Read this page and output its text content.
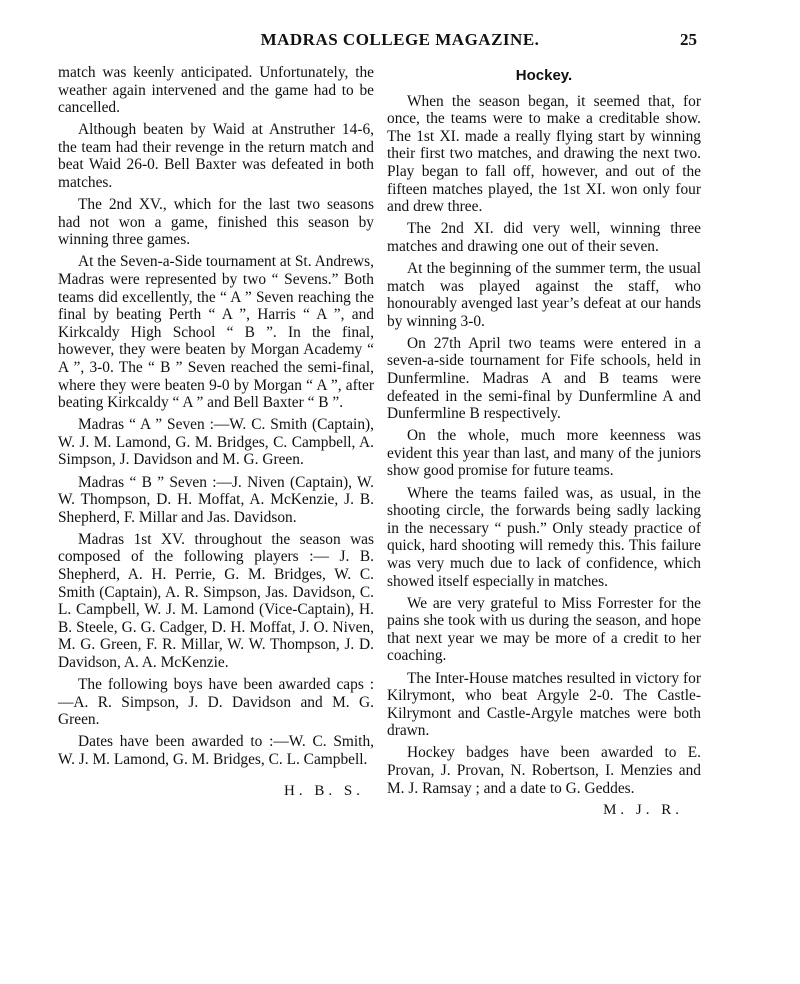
MADRAS COLLEGE MAGAZINE.	25

match was keenly anticipated. Unfortunately, the weather again intervened and the game had to be cancelled.

Although beaten by Waid at Anstruther 14-6, the team had their revenge in the return match and beat Waid 26-0. Bell Baxter was defeated in both matches.

The 2nd XV., which for the last two seasons had not won a game, finished this season by winning three games.

At the Seven-a-Side tournament at St. Andrews, Madras were represented by two “ Sevens.” Both teams did excellently, the “ A ” Seven reaching the final by beating Perth “ A ”, Harris “ A ”, and Kirkcaldy High School “ B ”. In the final, however, they were beaten by Morgan Academy “ A ”, 3-0. The “ B ” Seven reached the semi-final, where they were beaten 9-0 by Morgan “ A ”, after beating Kirkcaldy “ A ” and Bell Baxter “ B ”.

Madras “ A ” Seven :—W. C. Smith (Captain), W. J. M. Lamond, G. M. Bridges, C. Campbell, A. Simpson, J. Davidson and M. G. Green.

Madras “ B ” Seven :—J. Niven (Captain), W. W. Thompson, D. H. Moffat, A. McKenzie, J. B. Shepherd, F. Millar and Jas. Davidson.

Madras 1st XV. throughout the season was composed of the following players :— J. B. Shepherd, A. H. Perrie, G. M. Bridges, W. C. Smith (Captain), A. R. Simpson, Jas. Davidson, C. L. Campbell, W. J. M. Lamond (Vice-Captain), H. B. Steele, G. G. Cadger, D. H. Moffat, J. O. Niven, M. G. Green, F. R. Millar, W. W. Thompson, J. D. Davidson, A. A. McKenzie.

The following boys have been awarded caps :—A. R. Simpson, J. D. Davidson and M. G. Green.

Dates have been awarded to :—W. C. Smith, W. J. M. Lamond, G. M. Bridges, C. L. Campbell.

H. B. S.
Hockey.

When the season began, it seemed that, for once, the teams were to make a creditable show. The 1st XI. made a really flying start by winning their first two matches, and drawing the next two. Play began to fall off, however, and out of the fifteen matches played, the 1st XI. won only four and drew three.

The 2nd XI. did very well, winning three matches and drawing one out of their seven.

At the beginning of the summer term, the usual match was played against the staff, who honourably avenged last year’s defeat at our hands by winning 3-0.

On 27th April two teams were entered in a seven-a-side tournament for Fife schools, held in Dunfermline. Madras A and B teams were defeated in the semi-final by Dunfermline A and Dunfermline B respectively.

On the whole, much more keenness was evident this year than last, and many of the juniors show good promise for future teams.

Where the teams failed was, as usual, in the shooting circle, the forwards being sadly lacking in the necessary “ push.” Only steady practice of quick, hard shooting will remedy this. This failure was very much due to lack of confidence, which showed itself especially in matches.

We are very grateful to Miss Forrester for the pains she took with us during the season, and hope that next year we may be more of a credit to her coaching.

The Inter-House matches resulted in victory for Kilrymont, who beat Argyle 2-0. The Castle-Kilrymont and Castle-Argyle matches were both drawn.

Hockey badges have been awarded to E. Provan, J. Provan, N. Robertson, I. Menzies and M. J. Ramsay ; and a date to G. Geddes.

M. J. R.
